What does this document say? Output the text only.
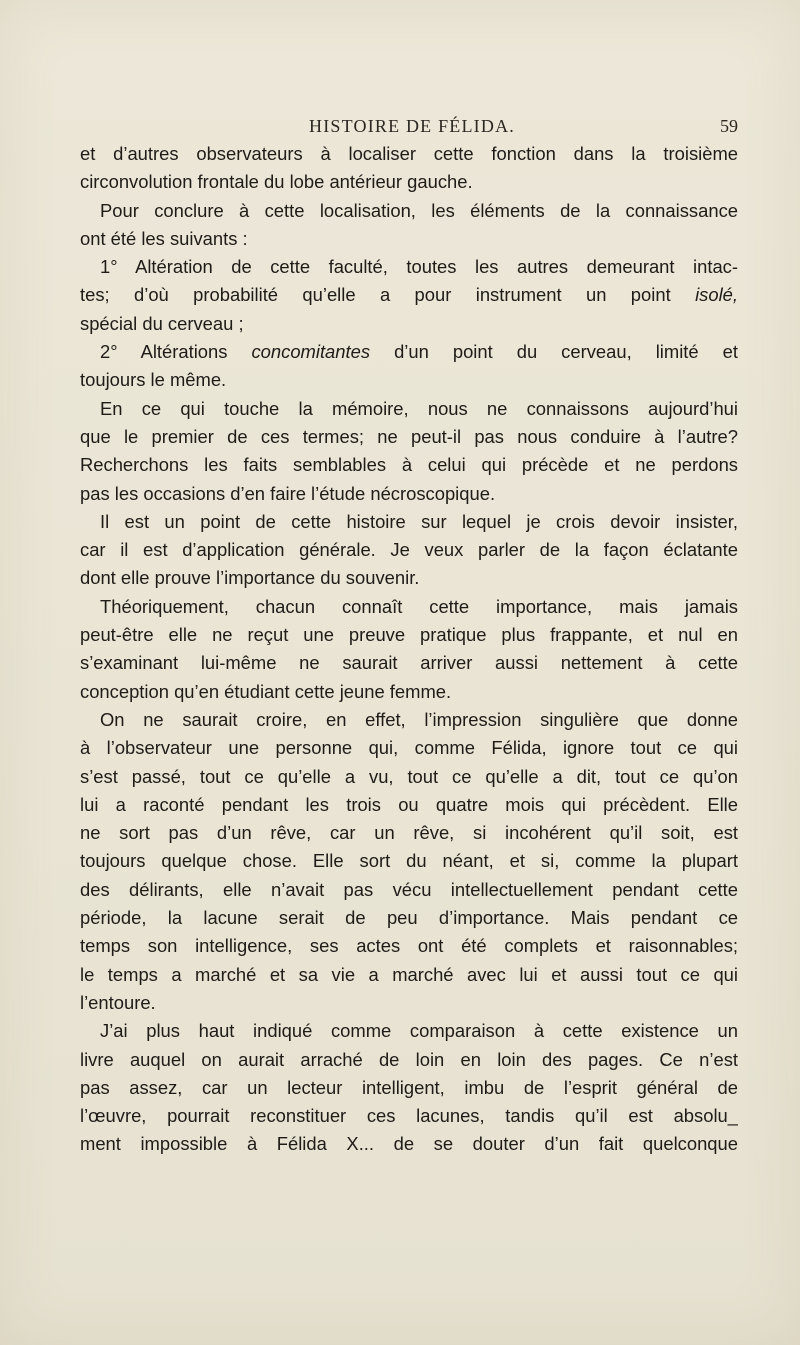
HISTOIRE DE FÉLIDA.	59
et d’autres observateurs à localiser cette fonction dans la troisième
circonvolution frontale du lobe antérieur gauche.
Pour conclure à cette localisation, les éléments de la connaissance
ont été les suivants :
1° Altération de cette faculté, toutes les autres demeurant intac-
tes; d’où probabilité qu’elle a pour instrument un point isolé,
spécial du cerveau ;
2° Altérations concomitantes d’un point du cerveau, limité et
toujours le même.
En ce qui touche la mémoire, nous ne connaissons aujourd’hui
que le premier de ces termes; ne peut-il pas nous conduire à l’autre?
Recherchons les faits semblables à celui qui précède et ne perdons
pas les occasions d’en faire l’étude nécroscopique.
Il est un point de cette histoire sur lequel je crois devoir insister,
car il est d’application générale. Je veux parler de la façon éclatante
dont elle prouve l’importance du souvenir.
Théoriquement, chacun connaît cette importance, mais jamais
peut-être elle ne reçut une preuve pratique plus frappante, et nul en
s’examinant lui-même ne saurait arriver aussi nettement à cette
conception qu’en étudiant cette jeune femme.
On ne saurait croire, en effet, l’impression singulière que donne
à l’observateur une personne qui, comme Félida, ignore tout ce qui
s’est passé, tout ce qu’elle a vu, tout ce qu’elle a dit, tout ce qu’on
lui a raconté pendant les trois ou quatre mois qui précèdent. Elle
ne sort pas d’un rêve, car un rêve, si incohérent qu’il soit, est
toujours quelque chose. Elle sort du néant, et si, comme la plupart
des délirants, elle n’avait pas vécu intellectuellement pendant cette
période, la lacune serait de peu d’importance. Mais pendant ce
temps son intelligence, ses actes ont été complets et raisonnables;
le temps a marché et sa vie a marché avec lui et aussi tout ce qui
l’entoure.
J’ai plus haut indiqué comme comparaison à cette existence un
livre auquel on aurait arraché de loin en loin des pages. Ce n’est
pas assez, car un lecteur intelligent, imbu de l’esprit général de
l’œuvre, pourrait reconstituer ces lacunes, tandis qu’il est absolu_
ment impossible à Félida X... de se douter d’un fait quelconque
